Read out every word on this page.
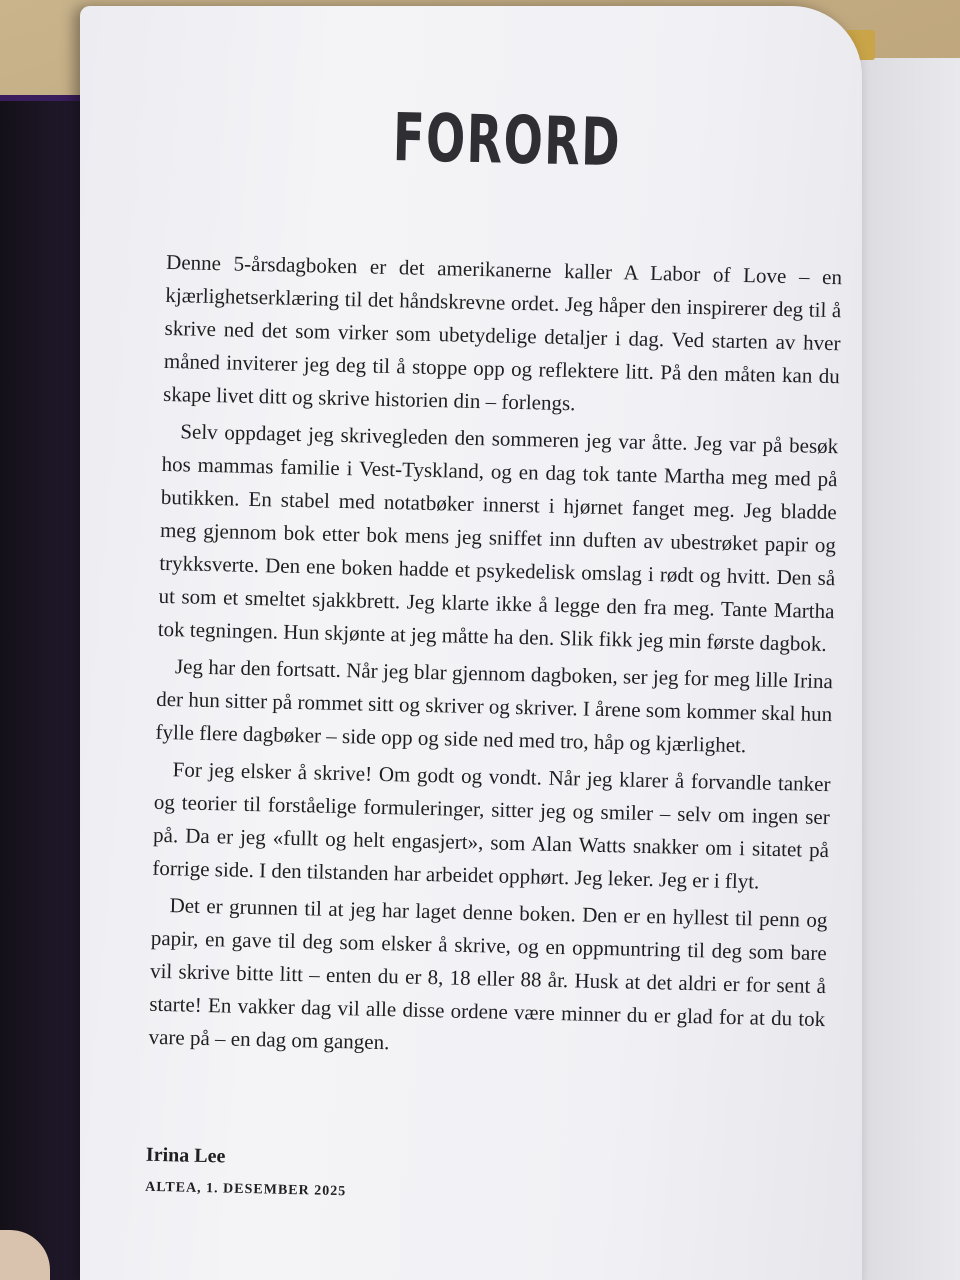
FORORD

Denne 5-årsdagboken er det amerikanerne kaller A Labor of Love – en kjærlighetserklæring til det håndskrevne ordet. Jeg håper den inspirerer deg til å skrive ned det som virker som ubetydelige detaljer i dag. Ved starten av hver måned inviterer jeg deg til å stoppe opp og reflektere litt. På den måten kan du skape livet ditt og skrive historien din – forlengs.

Selv oppdaget jeg skrivegleden den sommeren jeg var åtte. Jeg var på besøk hos mammas familie i Vest-Tyskland, og en dag tok tante Martha meg med på butikken. En stabel med notatbøker innerst i hjørnet fanget meg. Jeg bladde meg gjennom bok etter bok mens jeg sniffet inn duften av ubestrøket papir og trykksverte. Den ene boken hadde et psykedelisk omslag i rødt og hvitt. Den så ut som et smeltet sjakkbrett. Jeg klarte ikke å legge den fra meg. Tante Martha tok tegningen. Hun skjønte at jeg måtte ha den. Slik fikk jeg min første dagbok.

Jeg har den fortsatt. Når jeg blar gjennom dagboken, ser jeg for meg lille Irina der hun sitter på rommet sitt og skriver og skriver. I årene som kommer skal hun fylle flere dagbøker – side opp og side ned med tro, håp og kjærlighet.

For jeg elsker å skrive! Om godt og vondt. Når jeg klarer å forvandle tanker og teorier til forståelige formuleringer, sitter jeg og smiler – selv om ingen ser på. Da er jeg «fullt og helt engasjert», som Alan Watts snakker om i sitatet på forrige side. I den tilstanden har arbeidet opphørt. Jeg leker. Jeg er i flyt.

Det er grunnen til at jeg har laget denne boken. Den er en hyllest til penn og papir, en gave til deg som elsker å skrive, og en oppmuntring til deg som bare vil skrive bitte litt – enten du er 8, 18 eller 88 år. Husk at det aldri er for sent å starte! En vakker dag vil alle disse ordene være minner du er glad for at du tok vare på – en dag om gangen.

Irina Lee

ALTEA, 1. DESEMBER 2025
